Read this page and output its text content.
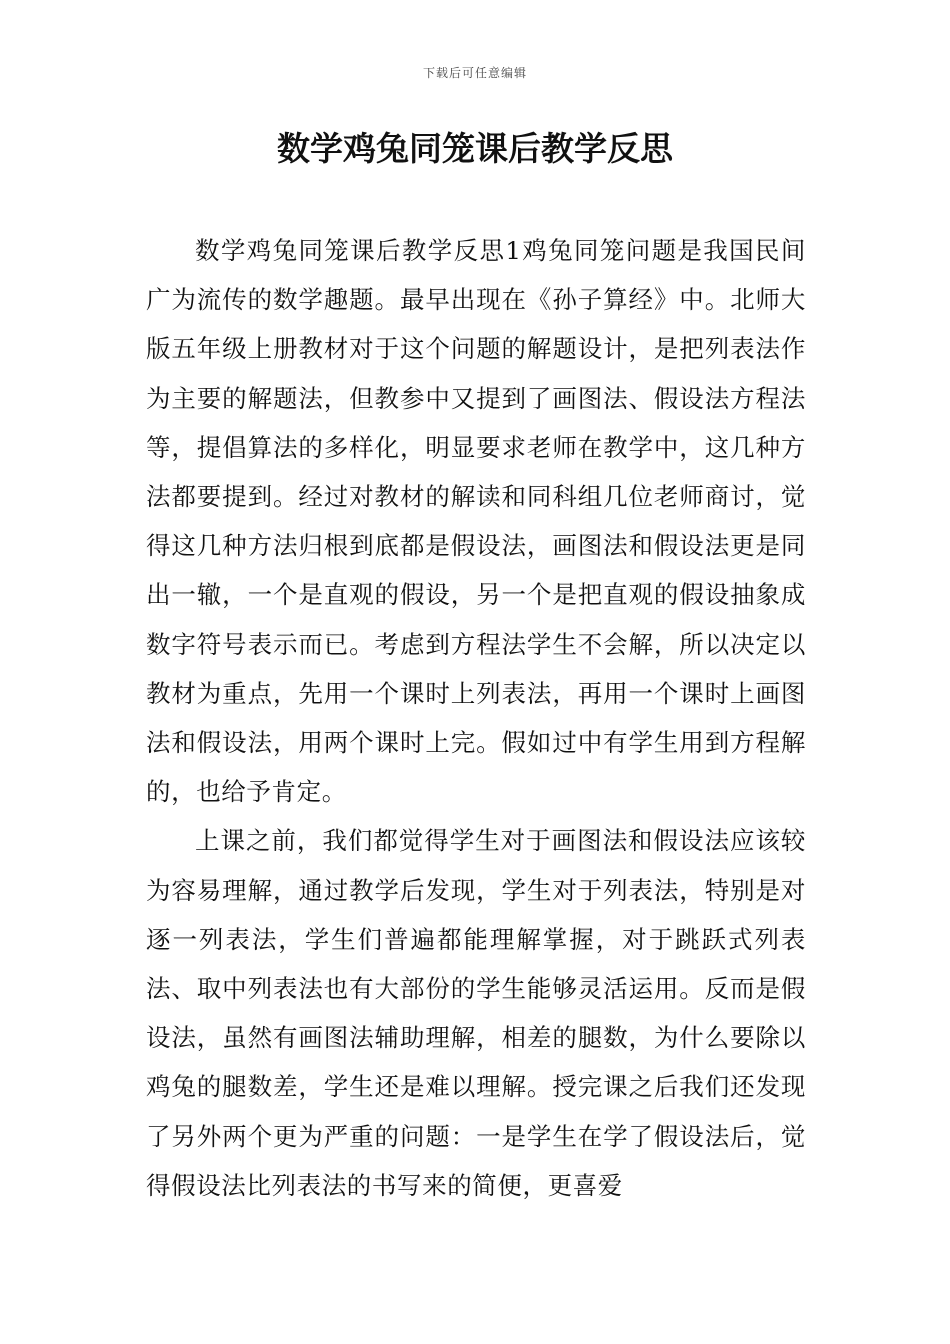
下载后可任意编辑
数学鸡兔同笼课后教学反思

数学鸡兔同笼课后教学反思1鸡兔同笼问题是我国民间广为流传的数学趣题。最早出现在《孙子算经》中。北师大版五年级上册教材对于这个问题的解题设计，是把列表法作为主要的解题法，但教参中又提到了画图法、假设法方程法等，提倡算法的多样化，明显要求老师在教学中，这几种方法都要提到。经过对教材的解读和同科组几位老师商讨，觉得这几种方法归根到底都是假设法，画图法和假设法更是同出一辙，一个是直观的假设，另一个是把直观的假设抽象成数字符号表示而已。考虑到方程法学生不会解，所以决定以教材为重点，先用一个课时上列表法，再用一个课时上画图法和假设法，用两个课时上完。假如过中有学生用到方程解的，也给予肯定。

上课之前，我们都觉得学生对于画图法和假设法应该较为容易理解，通过教学后发现，学生对于列表法，特别是对逐一列表法，学生们普遍都能理解掌握，对于跳跃式列表法、取中列表法也有大部份的学生能够灵活运用。反而是假设法，虽然有画图法辅助理解，相差的腿数，为什么要除以鸡兔的腿数差，学生还是难以理解。授完课之后我们还发现了另外两个更为严重的问题：一是学生在学了假设法后，觉得假设法比列表法的书写来的简便，更喜爱
